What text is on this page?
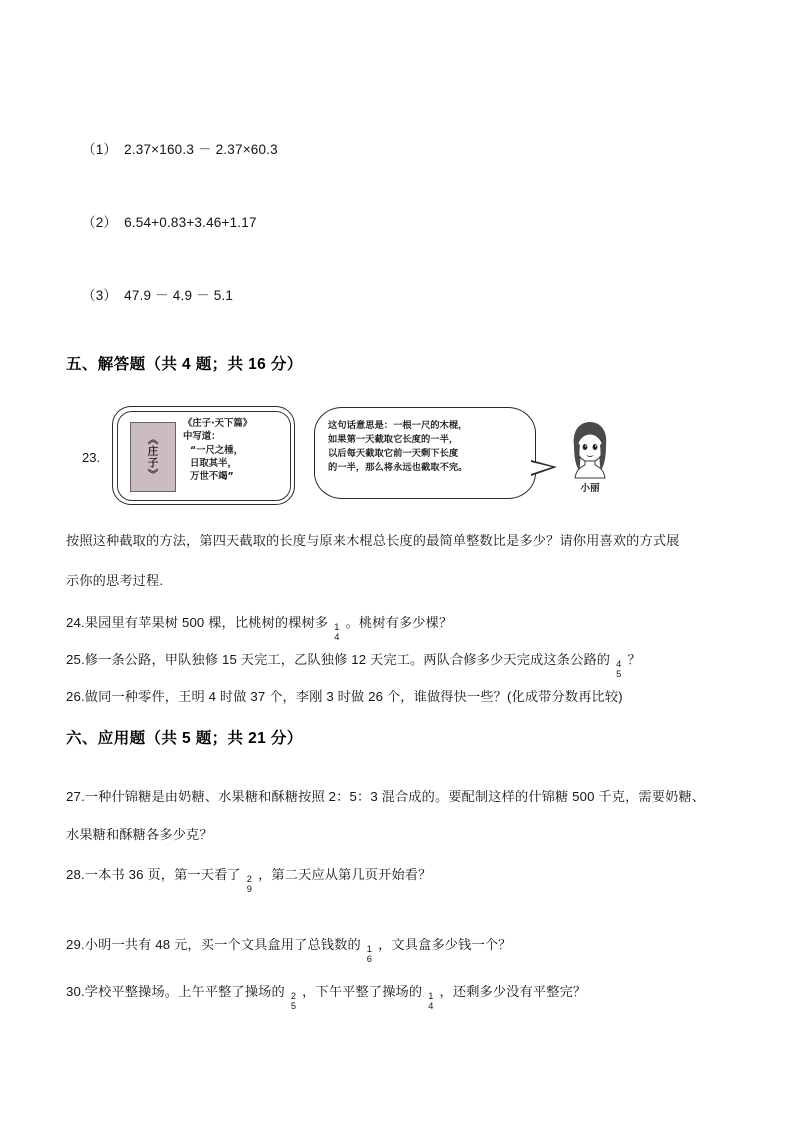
（1） 2.37×160.3 － 2.37×60.3
（2） 6.54+0.83+3.46+1.17
（3） 47.9 － 4.9 － 5.1
五、解答题（共 4 题；共 16 分）
23.	《庄子》
《庄子·天下篇》
中写道：
“一尺之棰，
日取其半，
万世不竭”
这句话意思是：一根一尺的木棍，
如果第一天截取它长度的一半，
以后每天截取它前一天剩下长度
的一半，那么将永远也截取不完。
小丽
按照这种截取的方法，第四天截取的长度与原来木棍总长度的最简单整数比是多少？请你用喜欢的方式展
示你的思考过程.
24.果园里有苹果树 500 棵，比桃树的棵树多 1
4
。桃树有多少棵？
25.修一条公路，甲队独修 15 天完工，乙队独修 12 天完工。两队合修多少天完成这条公路的 4
5
？
26.做同一种零件，王明 4 时做 37 个，李刚 3 时做 26 个，谁做得快一些？(化成带分数再比较)
六、应用题（共 5 题；共 21 分）
27.一种什锦糖是由奶糖、水果糖和酥糖按照 2：5：3 混合成的。要配制这样的什锦糖 500 千克，需要奶糖、
水果糖和酥糖各多少克？
28.一本书 36 页，第一天看了 2
9
，第二天应从第几页开始看？
29.小明一共有 48 元，买一个文具盒用了总钱数的 1
6
，文具盒多少钱一个？
30.学校平整操场。上午平整了操场的 2
5
，下午平整了操场的 1
4
，还剩多少没有平整完？
